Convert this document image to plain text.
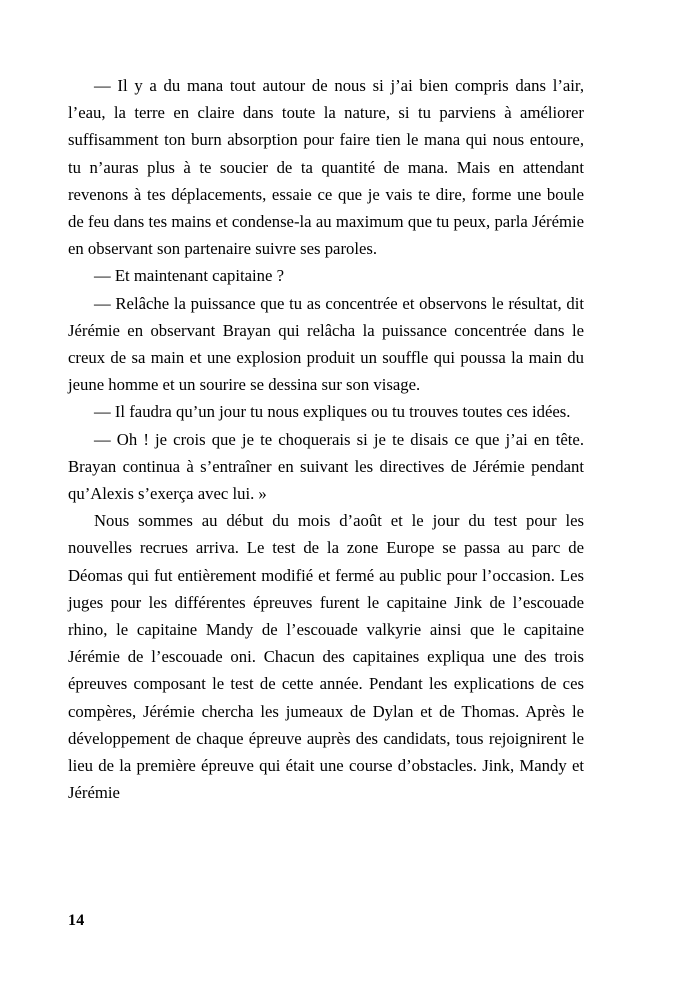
— Il y a du mana tout autour de nous si j’ai bien compris dans l’air, l’eau, la terre en claire dans toute la nature, si tu parviens à améliorer suffisamment ton burn absorption pour faire tien le mana qui nous entoure, tu n’auras plus à te soucier de ta quantité de mana. Mais en attendant revenons à tes déplacements, essaie ce que je vais te dire, forme une boule de feu dans tes mains et condense-la au maximum que tu peux, parla Jérémie en observant son partenaire suivre ses paroles.

— Et maintenant capitaine ?

— Relâche la puissance que tu as concentrée et observons le résultat, dit Jérémie en observant Brayan qui relâcha la puissance concentrée dans le creux de sa main et une explosion produit un souffle qui poussa la main du jeune homme et un sourire se dessina sur son visage.

— Il faudra qu’un jour tu nous expliques ou tu trouves toutes ces idées.

— Oh ! je crois que je te choquerais si je te disais ce que j’ai en tête. Brayan continua à s’entraîner en suivant les directives de Jérémie pendant qu’Alexis s’exerça avec lui. »

Nous sommes au début du mois d’août et le jour du test pour les nouvelles recrues arriva. Le test de la zone Europe se passa au parc de Déomas qui fut entièrement modifié et fermé au public pour l’occasion. Les juges pour les différentes épreuves furent le capitaine Jink de l’escouade rhino, le capitaine Mandy de l’escouade valkyrie ainsi que le capitaine Jérémie de l’escouade oni. Chacun des capitaines expliqua une des trois épreuves composant le test de cette année. Pendant les explications de ces compères, Jérémie chercha les jumeaux de Dylan et de Thomas. Après le développement de chaque épreuve auprès des candidats, tous rejoignirent le lieu de la première épreuve qui était une course d’obstacles. Jink, Mandy et Jérémie

14
